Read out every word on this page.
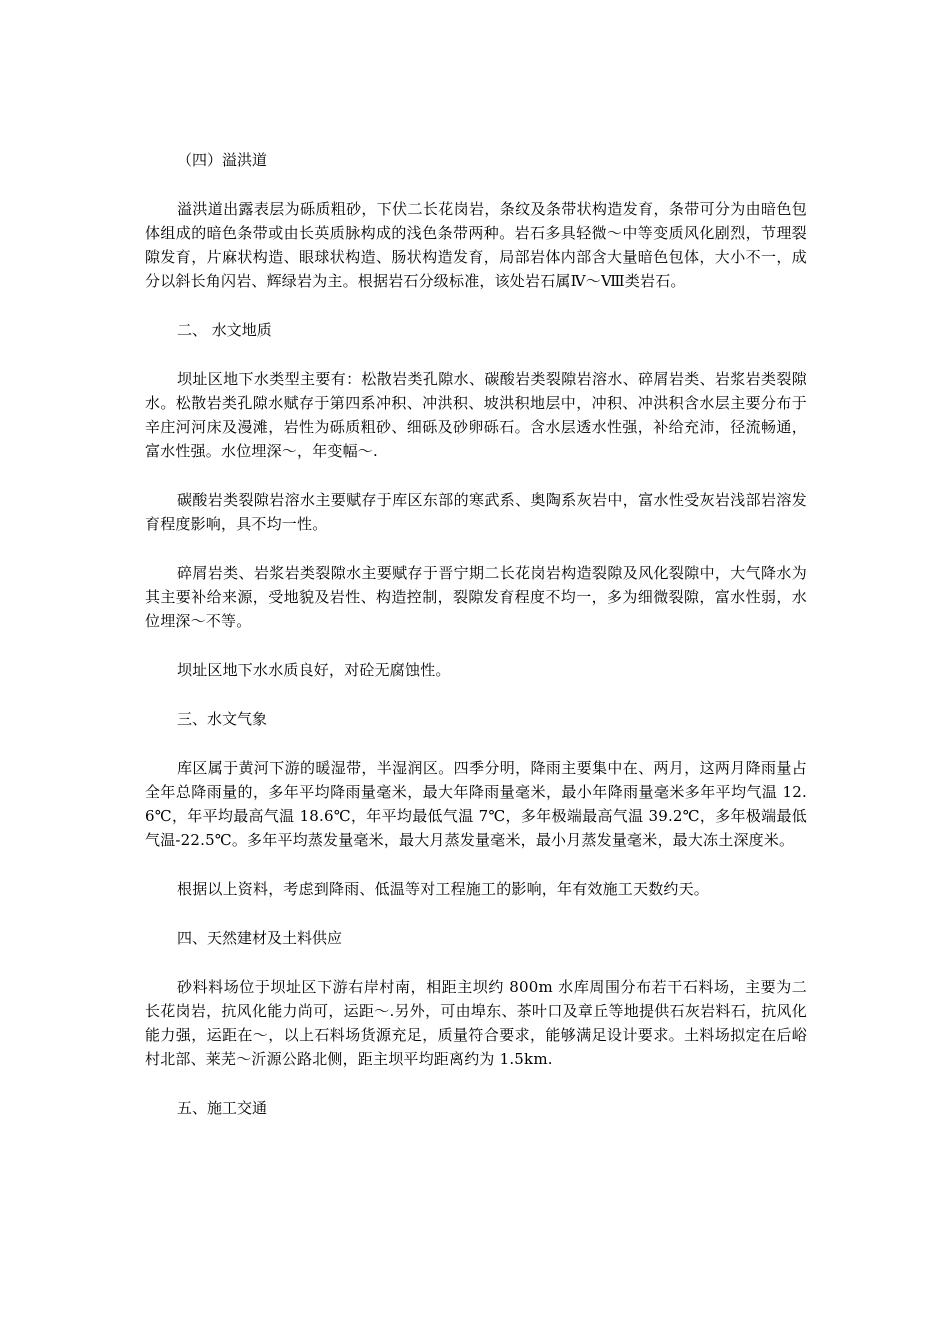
（四）溢洪道
溢洪道出露表层为砾质粗砂，下伏二长花岗岩，条纹及条带状构造发育，条带可分为由暗色包体组成的暗色条带或由长英质脉构成的浅色条带两种。岩石多具轻微～中等变质风化剧烈，节理裂隙发育，片麻状构造、眼球状构造、肠状构造发育，局部岩体内部含大量暗色包体，大小不一，成分以斜长角闪岩、辉绿岩为主。根据岩石分级标准，该处岩石属Ⅳ～Ⅷ类岩石。
二、 水文地质
坝址区地下水类型主要有：松散岩类孔隙水、碳酸岩类裂隙岩溶水、碎屑岩类、岩浆岩类裂隙水。松散岩类孔隙水赋存于第四系冲积、冲洪积、坡洪积地层中，冲积、冲洪积含水层主要分布于辛庄河河床及漫滩，岩性为砾质粗砂、细砾及砂卵砾石。含水层透水性强，补给充沛，径流畅通，富水性强。水位埋深～，年变幅～.
碳酸岩类裂隙岩溶水主要赋存于库区东部的寒武系、奥陶系灰岩中，富水性受灰岩浅部岩溶发育程度影响，具不均一性。
碎屑岩类、岩浆岩类裂隙水主要赋存于晋宁期二长花岗岩构造裂隙及风化裂隙中，大气降水为其主要补给来源，受地貌及岩性、构造控制，裂隙发育程度不均一，多为细微裂隙，富水性弱，水位埋深～不等。
坝址区地下水水质良好，对砼无腐蚀性。
三、水文气象
库区属于黄河下游的暖湿带，半湿润区。四季分明，降雨主要集中在、两月，这两月降雨量占全年总降雨量的，多年平均降雨量毫米，最大年降雨量毫米，最小年降雨量毫米多年平均气温 12.6℃，年平均最高气温 18.6℃，年平均最低气温 7℃，多年极端最高气温 39.2℃，多年极端最低气温-22.5℃。多年平均蒸发量毫米，最大月蒸发量毫米，最小月蒸发量毫米，最大冻土深度米。
根据以上资料，考虑到降雨、低温等对工程施工的影响，年有效施工天数约天。
四、天然建材及土料供应
砂料料场位于坝址区下游右岸村南，相距主坝约 800m 水库周围分布若干石料场，主要为二长花岗岩，抗风化能力尚可，运距～.另外，可由埠东、茶叶口及章丘等地提供石灰岩料石，抗风化能力强，运距在～，以上石料场货源充足，质量符合要求，能够满足设计要求。土料场拟定在后峪村北部、莱芜～沂源公路北侧，距主坝平均距离约为 1.5km.
五、施工交通
